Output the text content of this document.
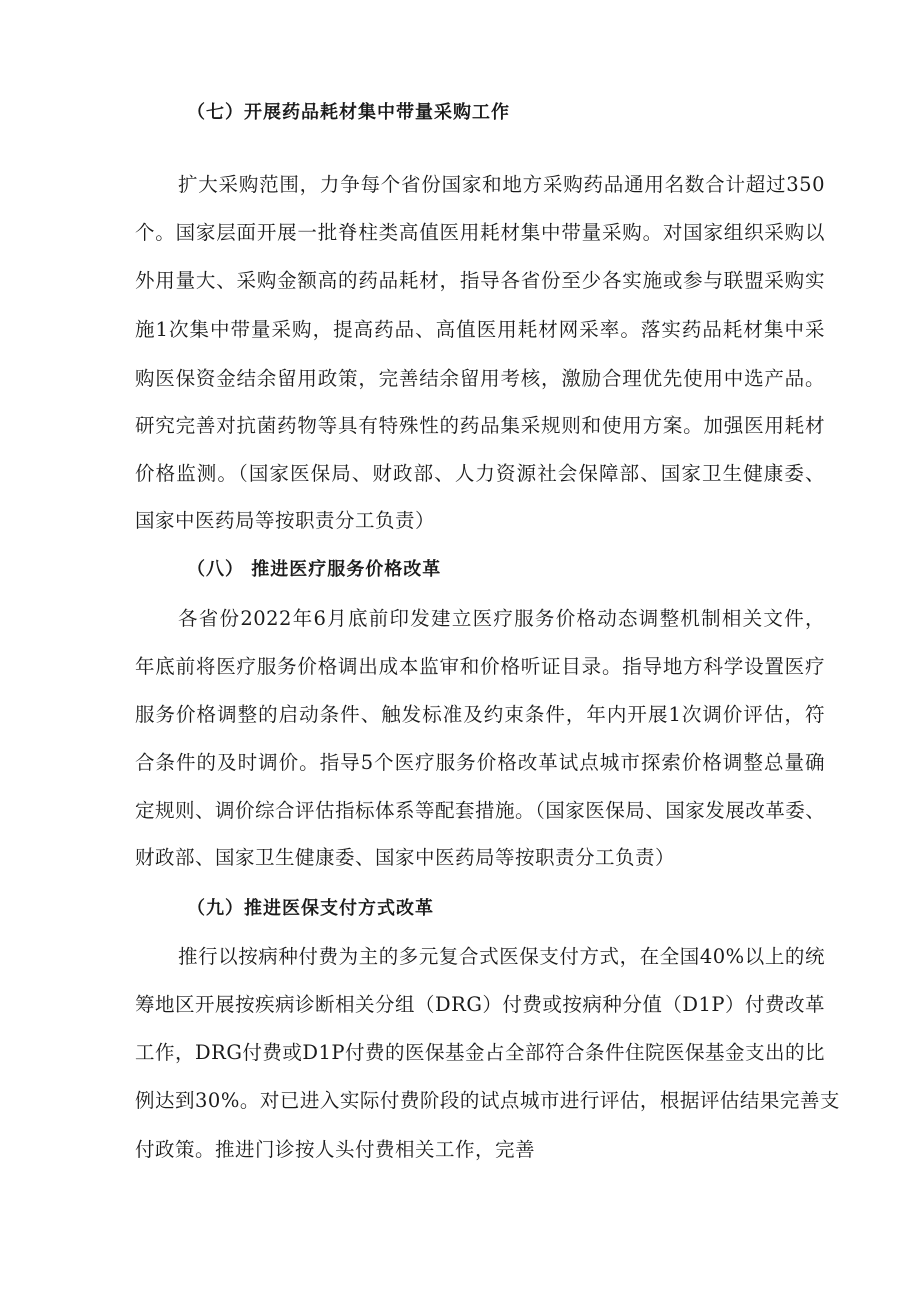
（七）开展药品耗材集中带量采购工作
扩大采购范围，力争每个省份国家和地方采购药品通用名数合计超过350
个。国家层面开展一批脊柱类高值医用耗材集中带量采购。对国家组织采购以
外用量大、采购金额高的药品耗材，指导各省份至少各实施或参与联盟采购实
施1次集中带量采购，提高药品、高值医用耗材网采率。落实药品耗材集中采
购医保资金结余留用政策，完善结余留用考核，激励合理优先使用中选产品。
研究完善对抗菌药物等具有特殊性的药品集采规则和使用方案。加强医用耗材
价格监测。（国家医保局、财政部、人力资源社会保障部、国家卫生健康委、
国家中医药局等按职责分工负责）
（八） 推进医疗服务价格改革
各省份2022年6月底前印发建立医疗服务价格动态调整机制相关文件，
年底前将医疗服务价格调出成本监审和价格听证目录。指导地方科学设置医疗
服务价格调整的启动条件、触发标准及约束条件，年内开展1次调价评估，符
合条件的及时调价。指导5个医疗服务价格改革试点城市探索价格调整总量确
定规则、调价综合评估指标体系等配套措施。（国家医保局、国家发展改革委、
财政部、国家卫生健康委、国家中医药局等按职责分工负责）
（九）推进医保支付方式改革
推行以按病种付费为主的多元复合式医保支付方式，在全国40%以上的统
筹地区开展按疾病诊断相关分组（DRG）付费或按病种分值（D1P）付费改革
工作，DRG付费或D1P付费的医保基金占全部符合条件住院医保基金支出的比
例达到30%。对已进入实际付费阶段的试点城市进行评估，根据评估结果完善支
付政策。推进门诊按人头付费相关工作，完善
